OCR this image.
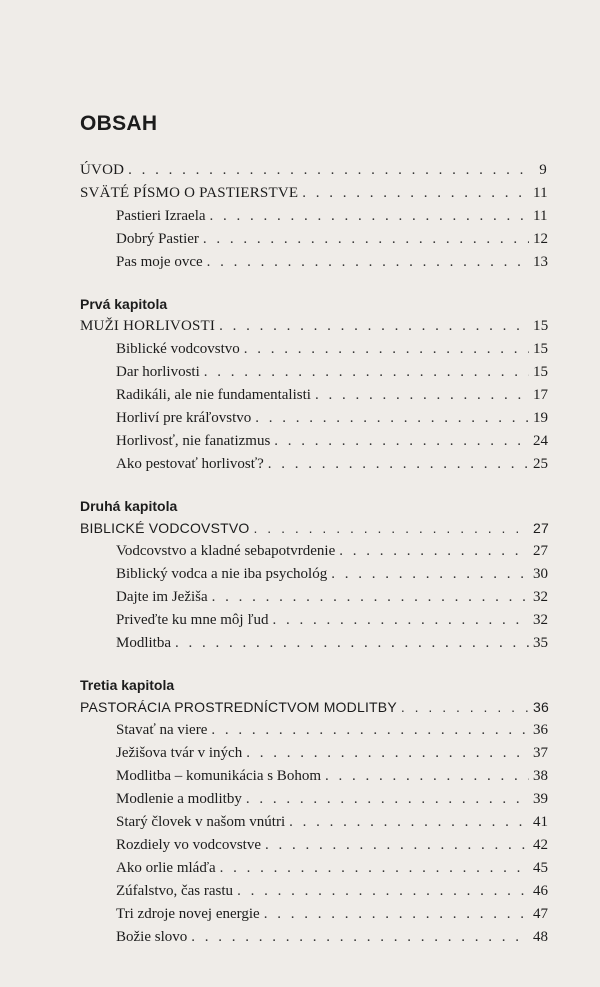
OBSAH
ÚVOD . . .	9
SVÄTÉ PÍSMO O PASTIERSTVE . . .	11
Pastieri Izraela . . .	11
Dobrý Pastier . . .	12
Pas moje ovce . . .	13
Prvá kapitola
MUŽI HORLIVOSTI . . .	15
Biblické vodcovstvo . . .	15
Dar horlivosti . . .	15
Radikáli, ale nie fundamentalisti . . .	17
Horliví pre kráľovstvo . . .	19
Horlivosť, nie fanatizmus . . .	24
Ako pestovať horlivosť? . . .	25
Druhá kapitola
BIBLICKÉ VODCOVSTVO . . .	27
Vodcovstvo a kladné sebapotvrdenie . . .	27
Biblický vodca a nie iba psychológ . . .	30
Dajte im Ježiša . . .	32
Priveďte ku mne môj ľud . . .	32
Modlitba . . .	35
Tretia kapitola
PASTORÁCIA PROSTREDNÍCTVOM MODLITBY . . .	36
Stavať na viere . . .	36
Ježišova tvár v iných . . .	37
Modlitba – komunikácia s Bohom . . .	38
Modlenie a modlitby . . .	39
Starý človek v našom vnútri . . .	41
Rozdiely vo vodcovstve . . .	42
Ako orlie mláďa . . .	45
Zúfalstvo, čas rastu . . .	46
Tri zdroje novej energie . . .	47
Božie slovo . . .	48
